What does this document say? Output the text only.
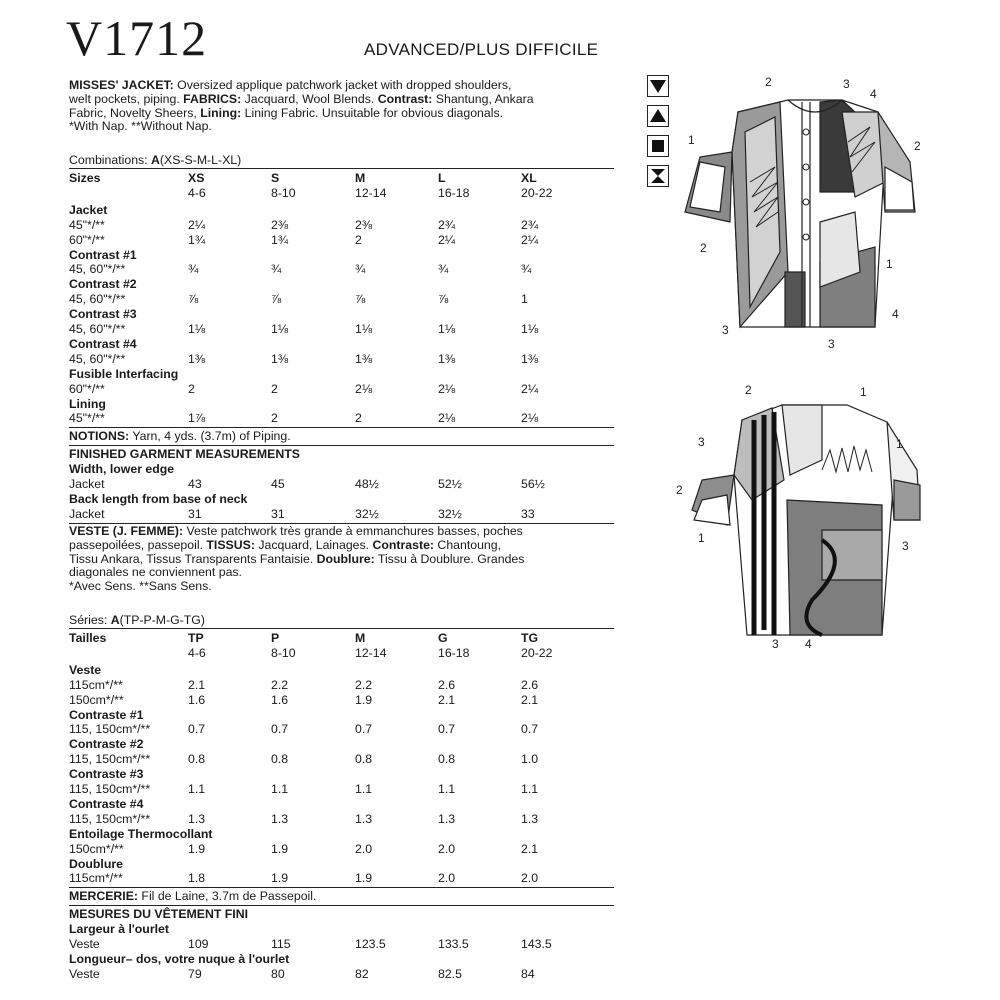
V1712	ADVANCED/PLUS DIFFICILE
MISSES' JACKET: Oversized applique patchwork jacket with dropped shoulders,
welt pockets, piping. FABRICS: Jacquard, Wool Blends. Contrast: Shantung, Ankara
Fabric, Novelty Sheers, Lining: Lining Fabric. Unsuitable for obvious diagonals.
*With Nap. **Without Nap.
Combinations: A(XS-S-M-L-XL)
Sizes	XS	S	M	L	XL
4-6	8-10	12-14	16-18	20-22
Jacket
45"*/**	2¼	2⅜	2⅜	2¾	2¾
60"*/**	1¾	1¾	2	2¼	2¼
Contrast #1
45, 60"*/**	¾	¾	¾	¾	¾
Contrast #2
45, 60"*/**	⅞	⅞	⅞	⅞	1
Contrast #3
45, 60"*/**	1⅛	1⅛	1⅛	1⅛	1⅛
Contrast #4
45, 60"*/**	1⅜	1⅜	1⅜	1⅜	1⅜
Fusible Interfacing
60"*/**	2	2	2⅛	2⅛	2¼
Lining
45"*/**	1⅞	2	2	2⅛	2⅛
NOTIONS: Yarn, 4 yds. (3.7m) of Piping.
FINISHED GARMENT MEASUREMENTS
Width, lower edge
Jacket	43	45	48½	52½	56½
Back length from base of neck
Jacket	31	31	32½	32½	33
VESTE (J. FEMME): Veste patchwork très grande à emmanchures basses, poches
passepoilées, passepoil. TISSUS: Jacquard, Lainages. Contraste: Chantoung,
Tissu Ankara, Tissus Transparents Fantaisie. Doublure: Tissu à Doublure. Grandes
diagonales ne conviennent pas.
*Avec Sens. **Sans Sens.
Séries: A(TP-P-M-G-TG)
Tailles	TP	P	M	G	TG
4-6	8-10	12-14	16-18	20-22
Veste
115cm*/**	2.1	2.2	2.2	2.6	2.6
150cm*/**	1.6	1.6	1.9	2.1	2.1
Contraste #1
115, 150cm*/**	0.7	0.7	0.7	0.7	0.7
Contraste #2
115, 150cm*/**	0.8	0.8	0.8	0.8	1.0
Contraste #3
115, 150cm*/**	1.1	1.1	1.1	1.1	1.1
Contraste #4
115, 150cm*/**	1.3	1.3	1.3	1.3	1.3
Entoilage Thermocollant
150cm*/**	1.9	1.9	2.0	2.0	2.1
Doublure
115cm*/**	1.8	1.9	1.9	2.0	2.0
MERCERIE: Fil de Laine, 3.7m de Passepoil.
MESURES DU VÊTEMENT FINI
Largeur à l'ourlet
Veste	109	115	123.5	133.5	143.5
Longueur– dos, votre nuque à l'ourlet
Veste	79	80	82	82.5	84
1
2
2
3
4
2
1
4
3
3
2	1
3	1
2
1
3
3 4
